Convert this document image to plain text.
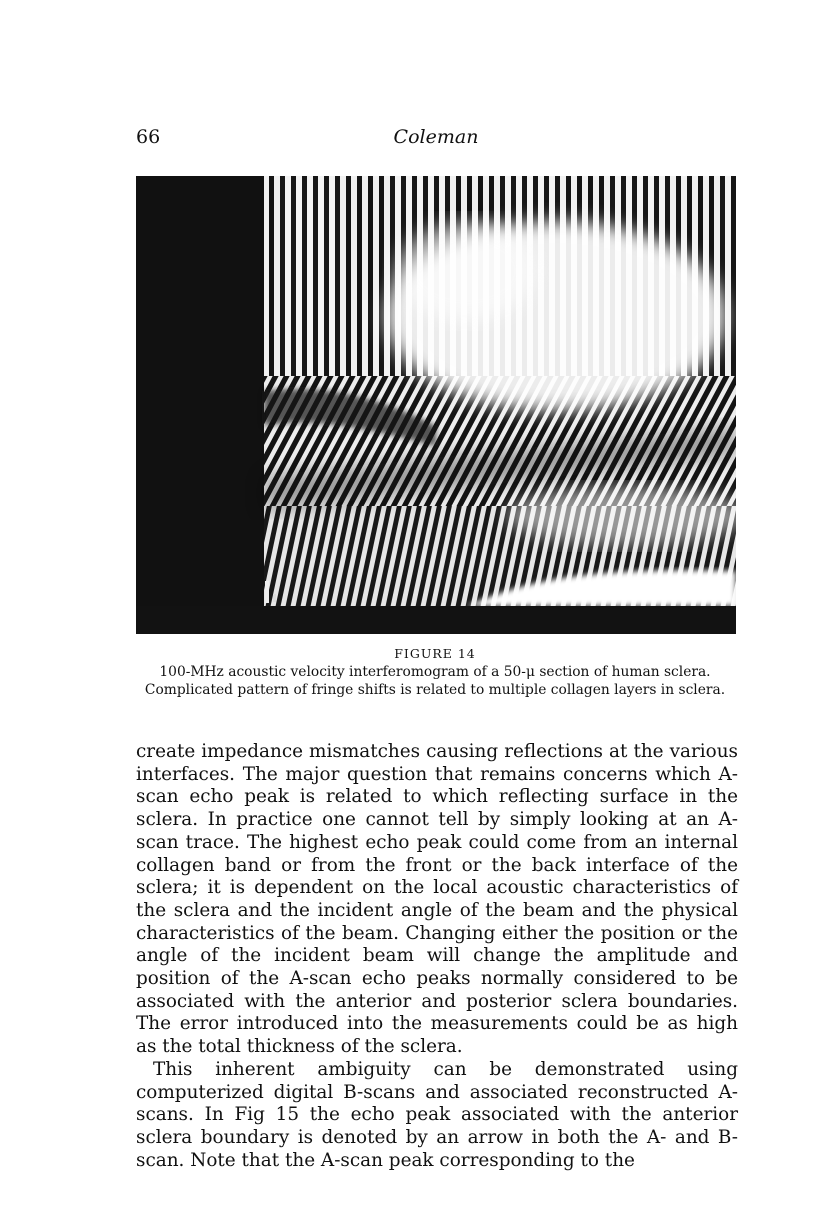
66	Coleman
FIGURE 14
100-MHz acoustic velocity interferomogram of a 50-μ section of human sclera. Complicated pattern of fringe shifts is related to multiple collagen layers in sclera.

create impedance mismatches causing reflections at the various interfaces. The major question that remains concerns which A-scan echo peak is related to which reflecting surface in the sclera. In practice one cannot tell by simply looking at an A-scan trace. The highest echo peak could come from an internal collagen band or from the front or the back interface of the sclera; it is dependent on the local acoustic characteristics of the sclera and the incident angle of the beam and the physical characteristics of the beam. Changing either the position or the angle of the incident beam will change the amplitude and position of the A-scan echo peaks normally considered to be associated with the anterior and posterior sclera boundaries. The error introduced into the measurements could be as high as the total thickness of the sclera.

This inherent ambiguity can be demonstrated using computerized digital B-scans and associated reconstructed A-scans. In Fig 15 the echo peak associated with the anterior sclera boundary is denoted by an arrow in both the A- and B-scan. Note that the A-scan peak corresponding to the
